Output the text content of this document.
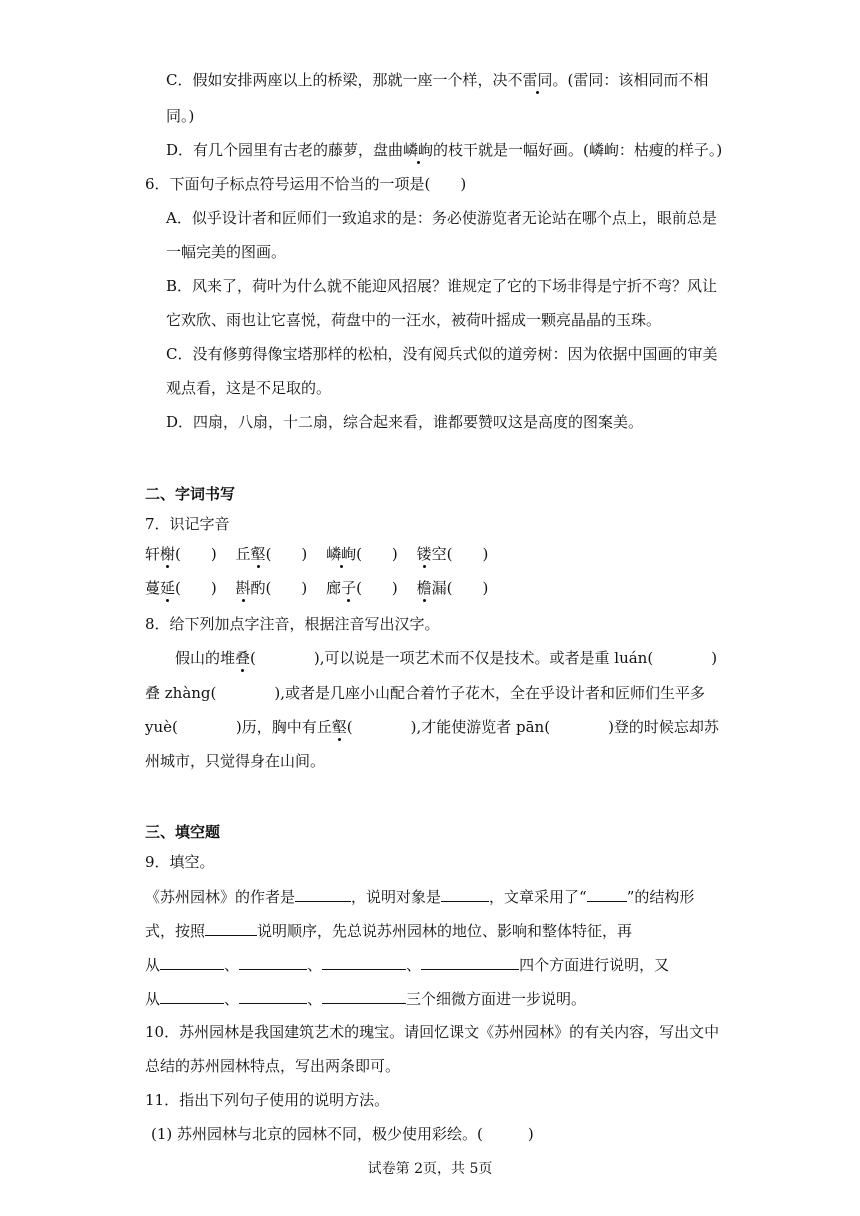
C．假如安排两座以上的桥梁，那就一座一个样，决不雷同。(雷同：该相同而不相
同。)
D．有几个园里有古老的藤萝，盘曲嶙峋的枝干就是一幅好画。(嶙峋：枯瘦的样子。)
6．下面句子标点符号运用不恰当的一项是(　　)
A．似乎设计者和匠师们一致追求的是：务必使游览者无论站在哪个点上，眼前总是
一幅完美的图画。
B．风来了，荷叶为什么就不能迎风招展？谁规定了它的下场非得是宁折不弯？风让
它欢欣、雨也让它喜悦，荷盘中的一汪水，被荷叶摇成一颗亮晶晶的玉珠。
C．没有修剪得像宝塔那样的松柏，没有阅兵式似的道旁树：因为依据中国画的审美
观点看，这是不足取的。
D．四扇，八扇，十二扇，综合起来看，谁都要赞叹这是高度的图案美。
二、字词书写
7．识记字音
轩榭(　　) 丘壑(　　) 嶙峋(　　) 镂空(　　)
蔓延(　　) 斟酌(　　) 廊子(　　) 檐漏(　　)
8．给下列加点字注音，根据注音写出汉字。
假山的堆叠(	),可以说是一项艺术而不仅是技术。或者是重 luán(	)
叠 zhàng(	),或者是几座小山配合着竹子花木，全在乎设计者和匠师们生平多
yuè(	)历，胸中有丘壑(	),才能使游览者 pān(	)登的时候忘却苏
州城市，只觉得身在山间。
三、填空题
9．填空。
《苏州园林》的作者是	，说明对象是	，文章采用了“	”的结构形
式，按照	说明顺序，先总说苏州园林的地位、影响和整体特征，再
从	、	、	、	四个方面进行说明，又
从	、	、	三个细微方面进一步说明。
10．苏州园林是我国建筑艺术的瑰宝。请回忆课文《苏州园林》的有关内容，写出文中
总结的苏州园林特点，写出两条即可。
11．指出下列句子使用的说明方法。
(1) 苏州园林与北京的园林不同，极少使用彩绘。(　　　)
试卷第 2页，共 5页
